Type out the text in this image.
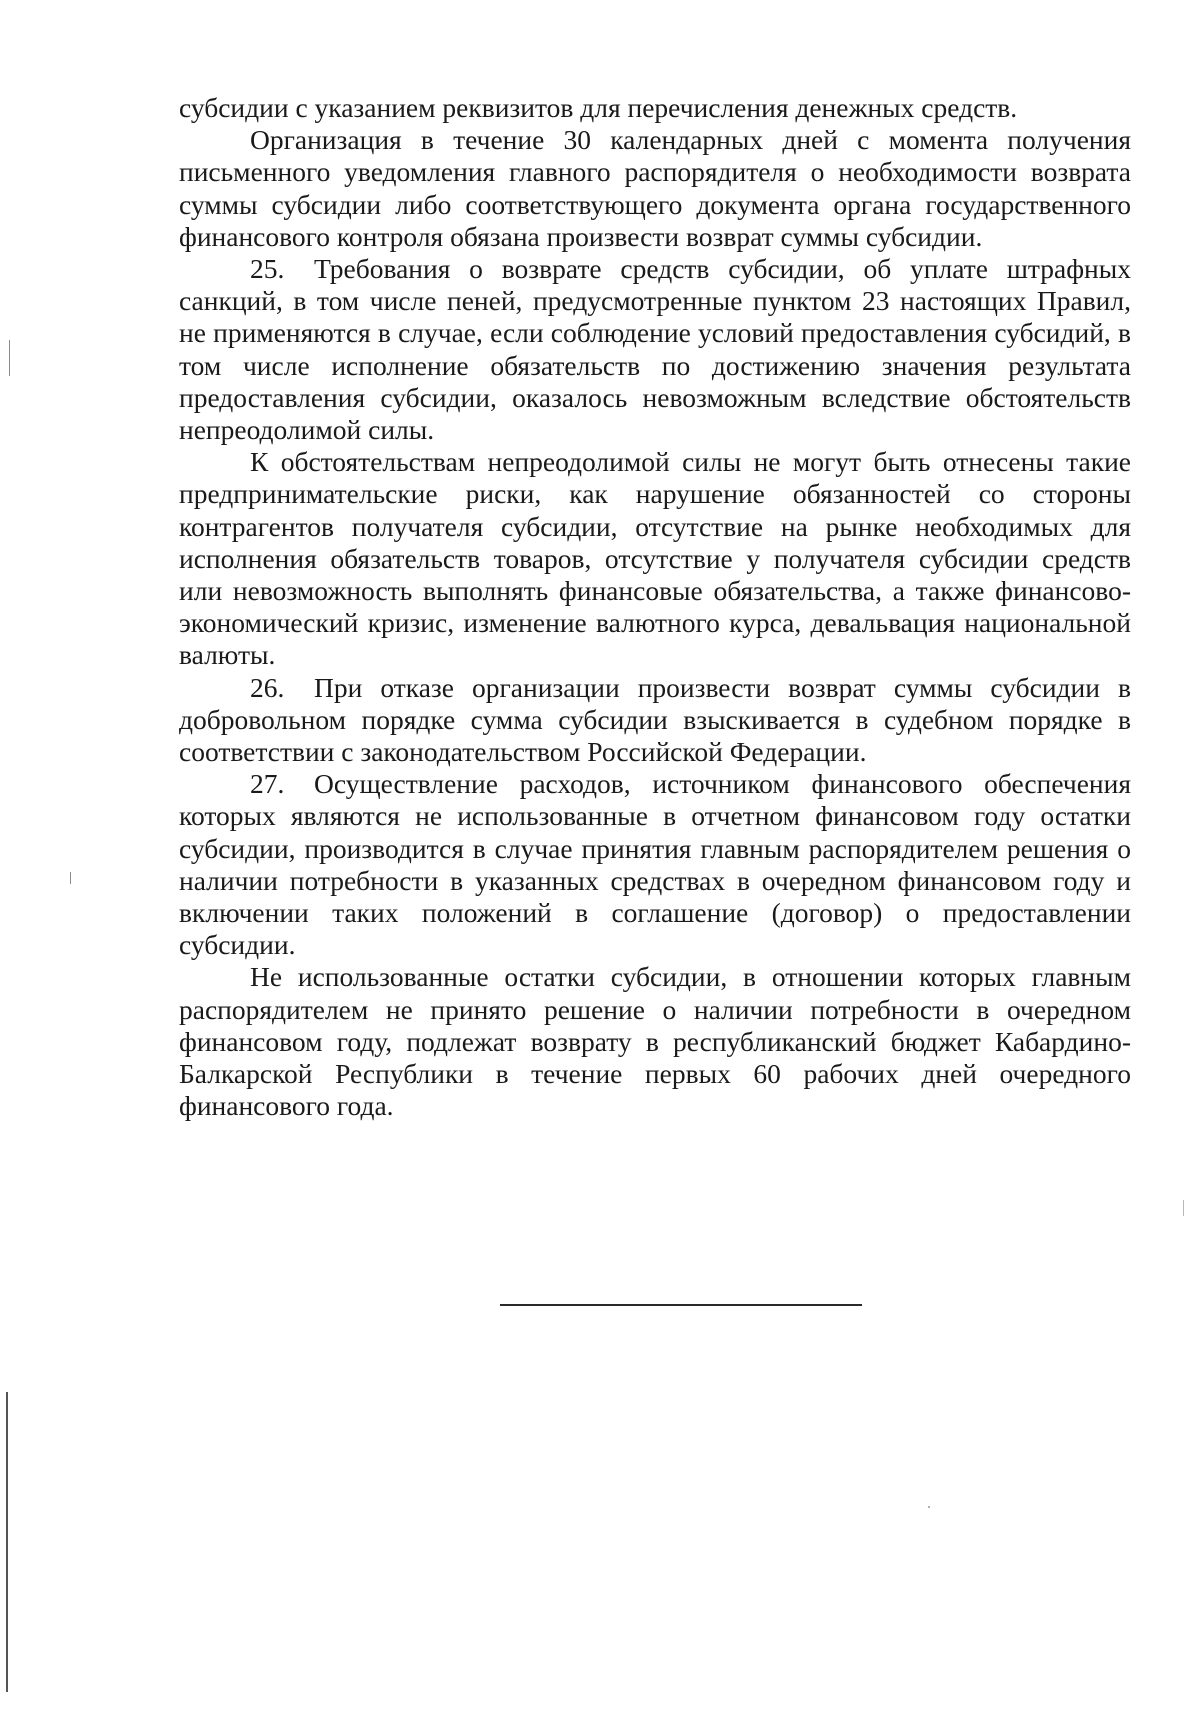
субсидии с указанием реквизитов для перечисления денежных средств.

Организация в течение 30 календарных дней с момента получения письменного уведомления главного распорядителя о необходимости возврата суммы субсидии либо соответствующего документа органа государственного финансового контроля обязана произвести возврат суммы субсидии.

25. Требования о возврате средств субсидии, об уплате штрафных санкций, в том числе пеней, предусмотренные пунктом 23 настоящих Правил, не применяются в случае, если соблюдение условий предоставления субсидий, в том числе исполнение обязательств по достижению значения результата предоставления субсидии, оказалось невозможным вследствие обстоятельств непреодолимой силы.

К обстоятельствам непреодолимой силы не могут быть отнесены такие предпринимательские риски, как нарушение обязанностей со стороны контрагентов получателя субсидии, отсутствие на рынке необходимых для исполнения обязательств товаров, отсутствие у получателя субсидии средств или невозможность выполнять финансовые обязательства, а также финансово-экономический кризис, изменение валютного курса, девальвация национальной валюты.

26. При отказе организации произвести возврат суммы субсидии в добровольном порядке сумма субсидии взыскивается в судебном порядке в соответствии с законодательством Российской Федерации.

27. Осуществление расходов, источником финансового обеспечения которых являются не использованные в отчетном финансовом году остатки субсидии, производится в случае принятия главным распорядителем решения о наличии потребности в указанных средствах в очередном финансовом году и включении таких положений в соглашение (договор) о предоставлении субсидии.

Не использованные остатки субсидии, в отношении которых главным распорядителем не принято решение о наличии потребности в очередном финансовом году, подлежат возврату в республиканский бюджет Кабардино-Балкарской Республики в течение первых 60 рабочих дней очередного финансового года.
